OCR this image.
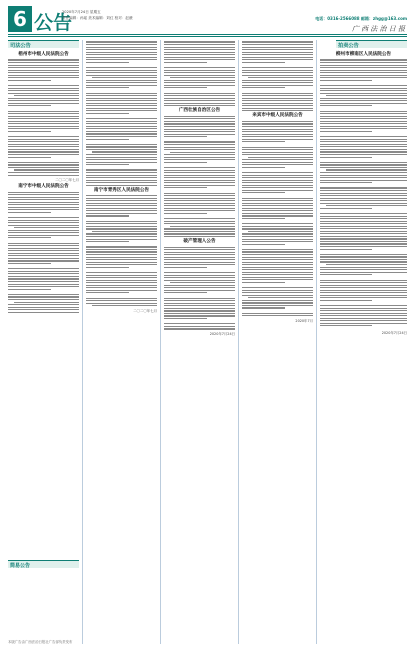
6 公告
2020年7月24日 星期五
责任编辑：孙瑶 美术编辑：刘红 校对：赵薇	电话：0316-2566088 邮箱：zhgg@163.com
广 西 法 治 日 报
司法公告
简易公告
拍卖公告
梧州市中级人民法院公告
二〇二〇年七月
南宁市中级人民法院公告
南宁市青秀区人民法院公告
二〇二〇年七月
广西壮族自治区公告
破产管理人公告
2020年7月24日
来宾市中级人民法院公告
2020年7月
柳州市柳南区人民法院公告
2020年7月24日
本版广告由广西法治日报社广告部负责发布
